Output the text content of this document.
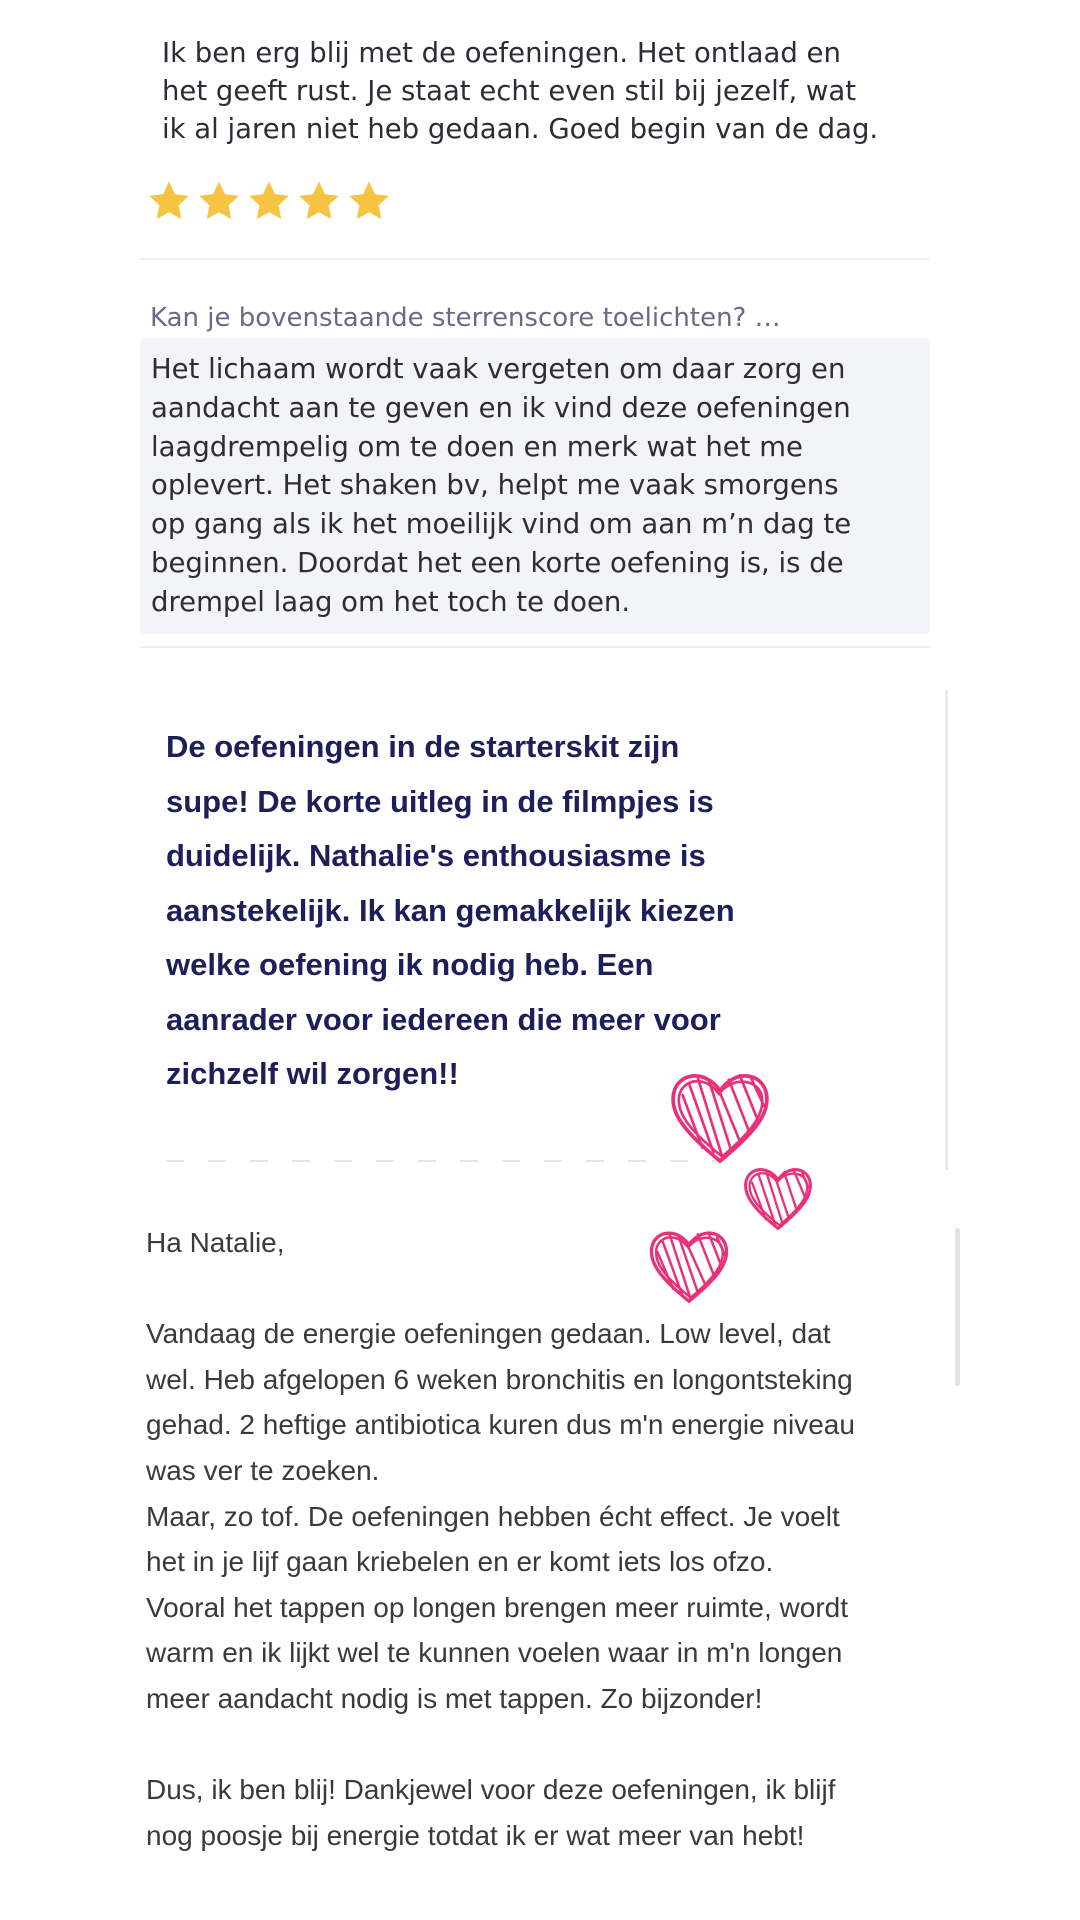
Ik ben erg blij met de oefeningen. Het ontlaad en
het geeft rust. Je staat echt even stil bij jezelf, wat
ik al jaren niet heb gedaan. Goed begin van de dag.

Kan je bovenstaande sterrenscore toelichten? …

Het lichaam wordt vaak vergeten om daar zorg en
aandacht aan te geven en ik vind deze oefeningen
laagdrempelig om te doen en merk wat het me
oplevert. Het shaken bv, helpt me vaak smorgens
op gang als ik het moeilijk vind om aan m’n dag te
beginnen. Doordat het een korte oefening is, is de
drempel laag om het toch te doen.

De oefeningen in de starterskit zijn
supe! De korte uitleg in de filmpjes is
duidelijk. Nathalie's enthousiasme is
aanstekelijk. Ik kan gemakkelijk kiezen
welke oefening ik nodig heb. Een
aanrader voor iedereen die meer voor
zichzelf wil zorgen!!

Ha Natalie,

Vandaag de energie oefeningen gedaan. Low level, dat

wel. Heb afgelopen 6 weken bronchitis en longontsteking

gehad. 2 heftige antibiotica kuren dus m'n energie niveau

was ver te zoeken.

Maar, zo tof. De oefeningen hebben écht effect. Je voelt

het in je lijf gaan kriebelen en er komt iets los ofzo.

Vooral het tappen op longen brengen meer ruimte, wordt

warm en ik lijkt wel te kunnen voelen waar in m'n longen

meer aandacht nodig is met tappen. Zo bijzonder!

Dus, ik ben blij! Dankjewel voor deze oefeningen, ik blijf

nog poosje bij energie totdat ik er wat meer van hebt!
